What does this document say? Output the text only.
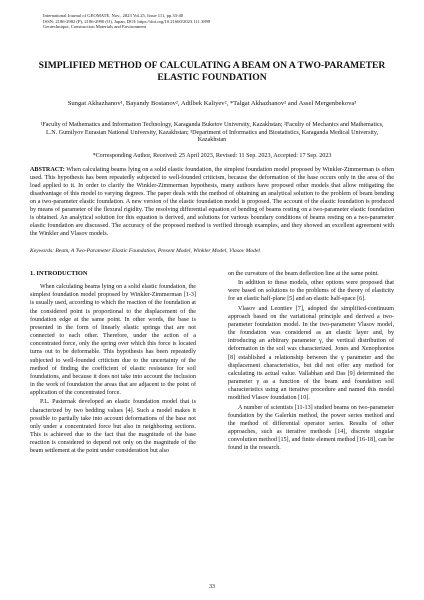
International Journal of GEOMATE, Nov., 2023 Vol.25, Issue 111, pp.33-40
ISSN: 2186-2982 (P), 2186-2990 (O), Japan, DOI: https://doi.org/10.21660/2023.111.3898
Geotechnique, Construction Materials and Environment
SIMPLIFIED METHOD OF CALCULATING A BEAM ON A TWO-PARAMETER ELASTIC FOUNDATION
Sungat Akhazhanov¹, Bayandy Bostanov², Adilbek Kaliyev², *Talgat Akhazhanov² and Assel Mergenbekova³
¹Faculty of Mathematics and Information Technology, Karaganda Buketov University, Kazakhstan; ²Faculty of Mechanics and Mathematics, L.N. Gumilyov Eurasian National University, Kazakhstan; ³Department of Informatics and Biostatistics, Karaganda Medical University, Kazakhstan
*Corresponding Author, Received: 25 April 2023, Revised: 11 Sep. 2023, Accepted: 17 Sep. 2023
ABSTRACT: When calculating beams lying on a solid elastic foundation, the simplest foundation model proposed by Winkler-Zimmerman is often used. This hypothesis has been repeatedly subjected to well-founded criticism, because the deformation of the base occurs only in the area of the load applied to it. In order to clarify the Winkler-Zimmerman hypothesis, many authors have proposed other models that allow mitigating the disadvantage of this model to varying degrees. The paper deals with the method of obtaining an analytical solution to the problem of beam bending on a two-parameter elastic foundation. A new version of the elastic foundation model is proposed. The account of the elastic foundation is produced by means of parameter of the flexural rigidity. The resolving differential equation of bending of beams resting on a two-parameter elastic foundation is obtained. An analytical solution for this equation is derived, and solutions for various boundary conditions of beams resting on a two-parameter elastic foundation are discussed. The accuracy of the proposed method is verified through examples, and they showed an excellent agreement with the Winkler and Vlasov models.
Keywords: Beam, A Two-Parameter Elastic Foundation, Present Model, Winkler Model, Vlasov Model
1. INTRODUCTION

When calculating beams lying on a solid elastic foundation, the simplest foundation model proposed by Winkler-Zimmerman [1-3] is usually used, according to which the reaction of the foundation at the considered point is proportional to the displacement of the foundation edge at the same point. In other words, the base is presented in the form of linearly elastic springs that are not connected to each other. Therefore, under the action of a concentrated force, only the spring over which this force is located turns out to be deformable. This hypothesis has been repeatedly subjected to well-founded criticism due to the uncertainty of the method of finding the coefficient of elastic resistance for soil foundations, and because it does not take into account the inclusion in the work of foundation the areas that are adjacent to the point of application of the concentrated force.

P.L. Pasternak developed an elastic foundation model that is characterized by two bedding values [4]. Such a model makes it possible to partially take into account deformations of the base not only under a concentrated force but also in neighboring sections. This is achieved due to the fact that the magnitude of the base reaction is considered to depend not only on the magnitude of the beam settlement at the point under consideration but also

on the curvature of the beam deflection line at the same point.

In addition to these models, other options were proposed that were based on solutions to the problems of the theory of elasticity for an elastic half-plane [5] and an elastic half-space [6].

Vlasov and Leontiev [7], adopted the simplified-continuum approach based on the variational principle and derived a two-parameter foundation model. In the two-parameter Vlasov model, the foundation was considered as an elastic layer and, by introducing an arbitrary parameter γ, the vertical distribution of deformation in the soil was characterized. Jones and Xenophontos [8] established a relationship between the γ parameter and the displacement characteristics, but did not offer any method for calculating its actual value. Vallabhan and Das [9] determined the parameter γ as a function of the beam and foundation soil characteristics using an iterative procedure and named this model modified Vlasov foundation [10].

A number of scientists [11-13] studied beams on two-parameter foundation by the Galerkin method, the power series method and the method of differential operator series. Results of other approaches, such as iterative methods [14], discrete singular convolution method [15], and finite element method [16-18], can be found in the research.

33
